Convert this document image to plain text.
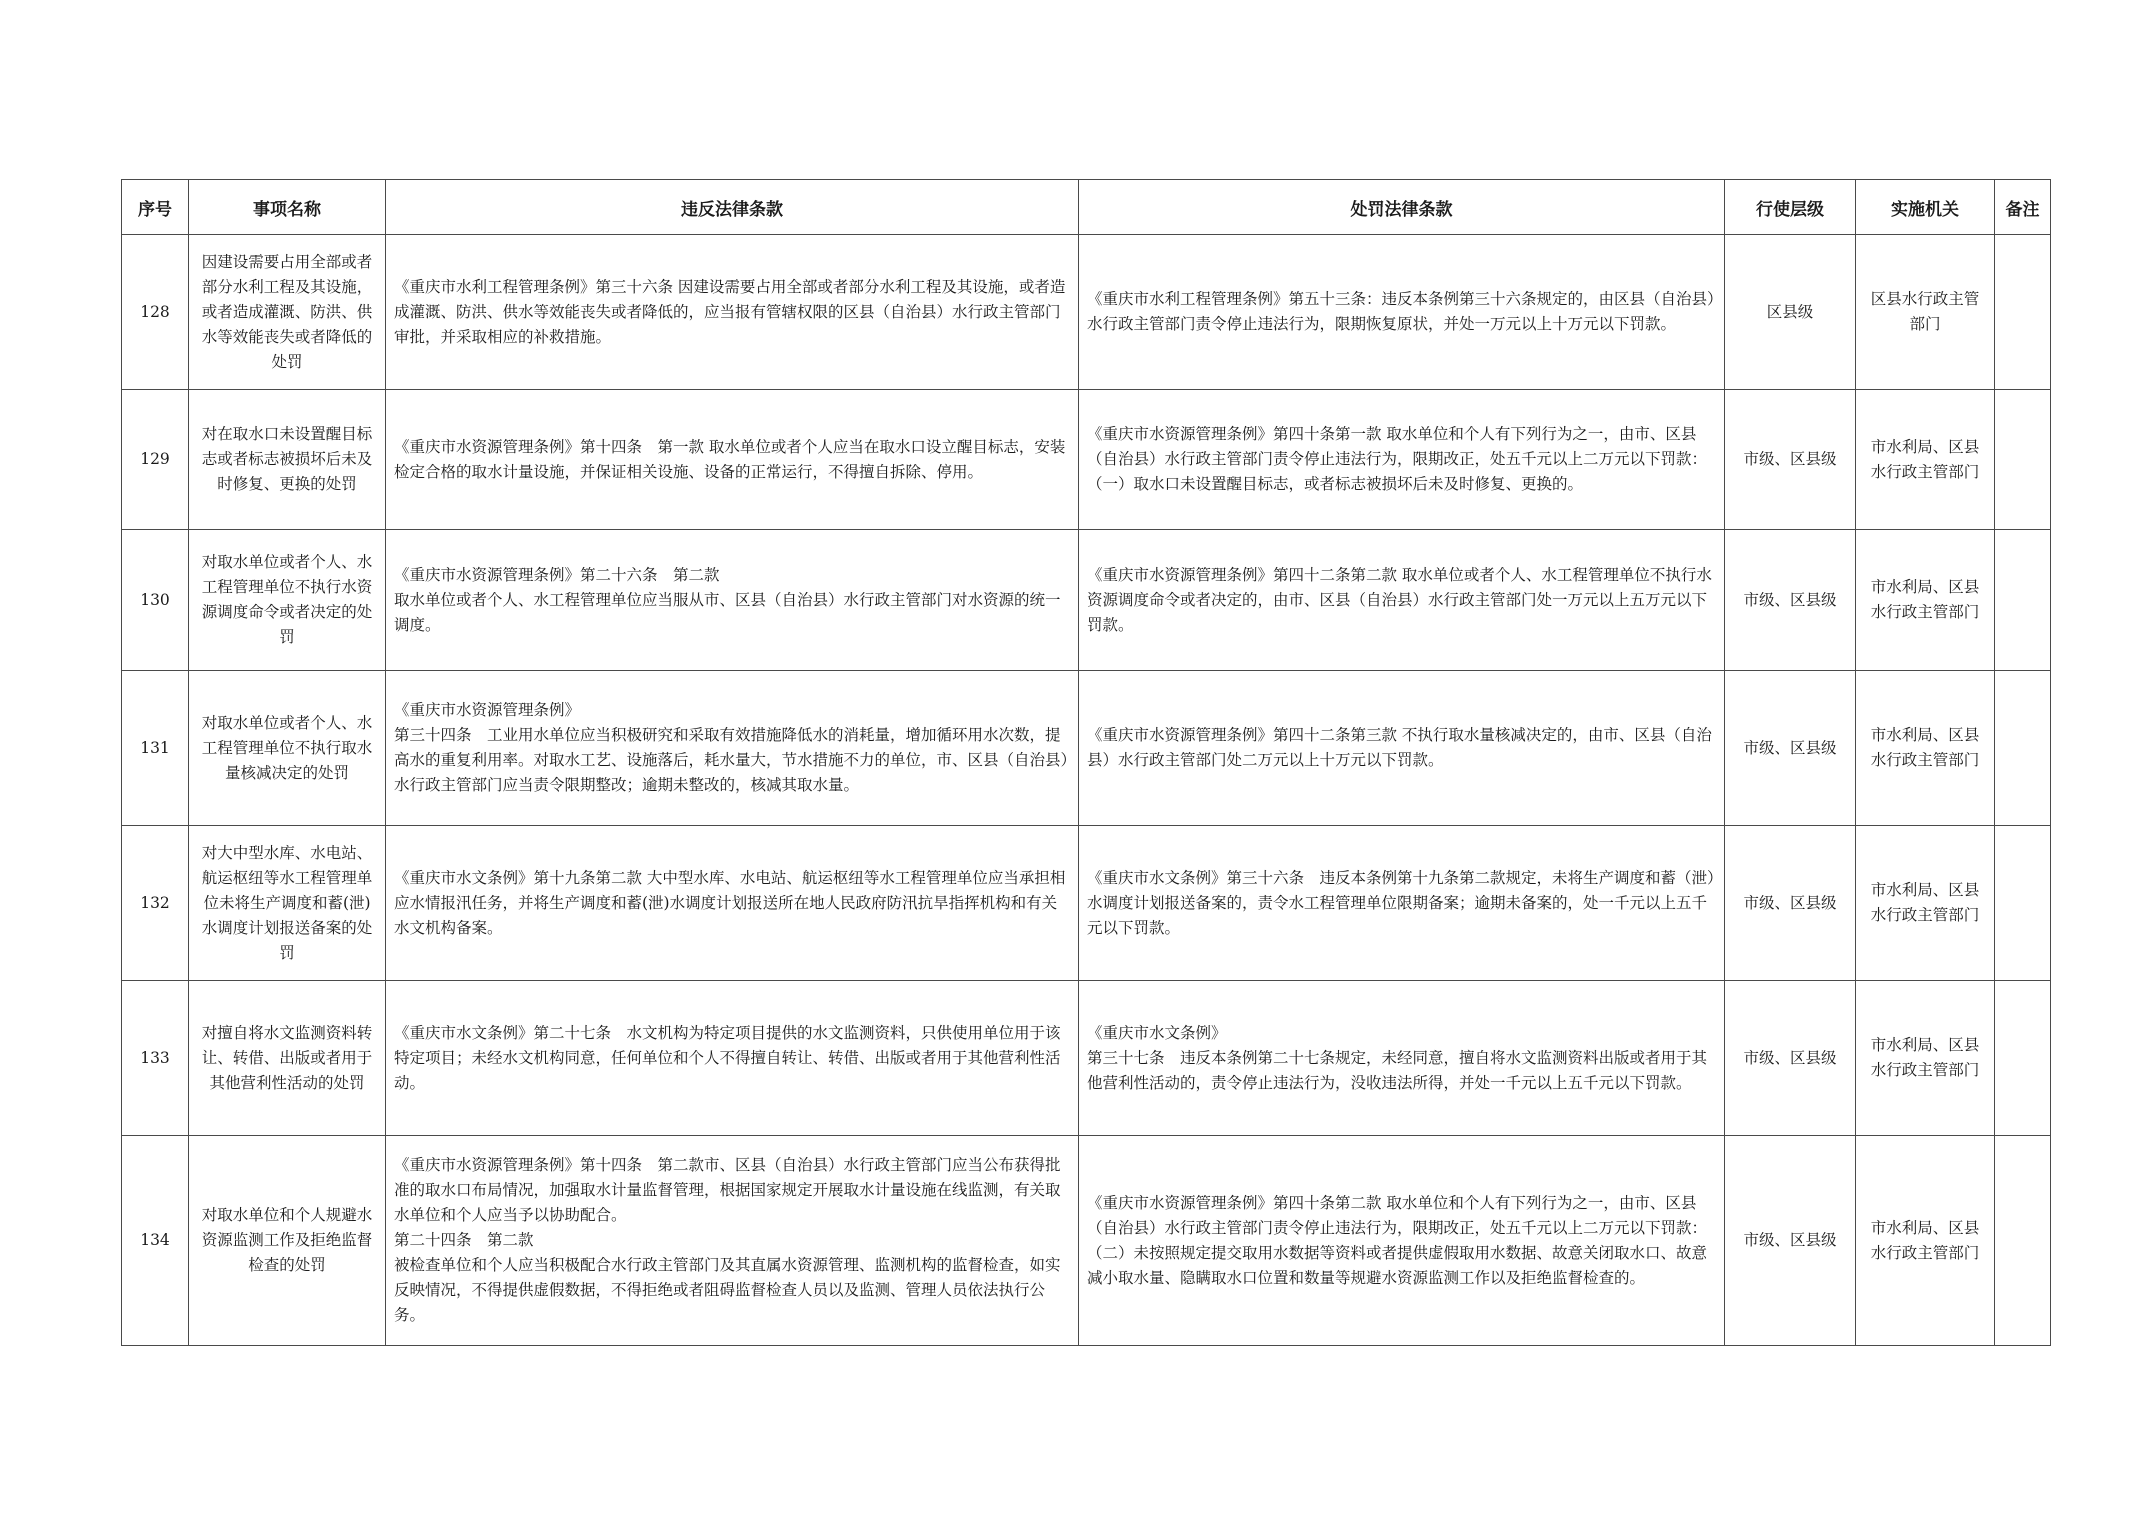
序号	事项名称	违反法律条款	处罚法律条款	行使层级	实施机关	备注
128	因建设需要占用全部或者部分水利工程及其设施，或者造成灌溉、防洪、供水等效能丧失或者降低的处罚	《重庆市水利工程管理条例》第三十六条 因建设需要占用全部或者部分水利工程及其设施，或者造成灌溉、防洪、供水等效能丧失或者降低的，应当报有管辖权限的区县（自治县）水行政主管部门审批，并采取相应的补救措施。	《重庆市水利工程管理条例》第五十三条：违反本条例第三十六条规定的，由区县（自治县）水行政主管部门责令停止违法行为，限期恢复原状，并处一万元以上十万元以下罚款。	区县级	区县水行政主管部门	
129	对在取水口未设置醒目标志或者标志被损坏后未及时修复、更换的处罚	《重庆市水资源管理条例》第十四条　第一款 取水单位或者个人应当在取水口设立醒目标志，安装检定合格的取水计量设施，并保证相关设施、设备的正常运行，不得擅自拆除、停用。	《重庆市水资源管理条例》第四十条第一款 取水单位和个人有下列行为之一，由市、区县（自治县）水行政主管部门责令停止违法行为，限期改正，处五千元以上二万元以下罚款：（一）取水口未设置醒目标志，或者标志被损坏后未及时修复、更换的。	市级、区县级	市水利局、区县水行政主管部门	
130	对取水单位或者个人、水工程管理单位不执行水资源调度命令或者决定的处罚	《重庆市水资源管理条例》第二十六条　第二款
取水单位或者个人、水工程管理单位应当服从市、区县（自治县）水行政主管部门对水资源的统一调度。	《重庆市水资源管理条例》第四十二条第二款 取水单位或者个人、水工程管理单位不执行水资源调度命令或者决定的，由市、区县（自治县）水行政主管部门处一万元以上五万元以下罚款。	市级、区县级	市水利局、区县水行政主管部门	
131	对取水单位或者个人、水工程管理单位不执行取水量核减决定的处罚	《重庆市水资源管理条例》
第三十四条　工业用水单位应当积极研究和采取有效措施降低水的消耗量，增加循环用水次数，提高水的重复利用率。对取水工艺、设施落后，耗水量大，节水措施不力的单位，市、区县（自治县）水行政主管部门应当责令限期整改；逾期未整改的，核减其取水量。	《重庆市水资源管理条例》第四十二条第三款 不执行取水量核减决定的，由市、区县（自治县）水行政主管部门处二万元以上十万元以下罚款。	市级、区县级	市水利局、区县水行政主管部门	
132	对大中型水库、水电站、航运枢纽等水工程管理单位未将生产调度和蓄(泄)水调度计划报送备案的处罚	《重庆市水文条例》第十九条第二款 大中型水库、水电站、航运枢纽等水工程管理单位应当承担相应水情报汛任务，并将生产调度和蓄(泄)水调度计划报送所在地人民政府防汛抗旱指挥机构和有关水文机构备案。	《重庆市水文条例》第三十六条　违反本条例第十九条第二款规定，未将生产调度和蓄（泄）水调度计划报送备案的，责令水工程管理单位限期备案；逾期未备案的，处一千元以上五千元以下罚款。	市级、区县级	市水利局、区县水行政主管部门	
133	对擅自将水文监测资料转让、转借、出版或者用于其他营利性活动的处罚	《重庆市水文条例》第二十七条　水文机构为特定项目提供的水文监测资料，只供使用单位用于该特定项目；未经水文机构同意，任何单位和个人不得擅自转让、转借、出版或者用于其他营利性活动。	《重庆市水文条例》
第三十七条　违反本条例第二十七条规定，未经同意，擅自将水文监测资料出版或者用于其他营利性活动的，责令停止违法行为，没收违法所得，并处一千元以上五千元以下罚款。	市级、区县级	市水利局、区县水行政主管部门	
134	对取水单位和个人规避水资源监测工作及拒绝监督检查的处罚	《重庆市水资源管理条例》第十四条　第二款市、区县（自治县）水行政主管部门应当公布获得批准的取水口布局情况，加强取水计量监督管理，根据国家规定开展取水计量设施在线监测，有关取水单位和个人应当予以协助配合。
第二十四条　第二款
被检查单位和个人应当积极配合水行政主管部门及其直属水资源管理、监测机构的监督检查，如实反映情况，不得提供虚假数据，不得拒绝或者阻碍监督检查人员以及监测、管理人员依法执行公务。	《重庆市水资源管理条例》第四十条第二款 取水单位和个人有下列行为之一，由市、区县（自治县）水行政主管部门责令停止违法行为，限期改正，处五千元以上二万元以下罚款：（二）未按照规定提交取用水数据等资料或者提供虚假取用水数据、故意关闭取水口、故意减小取水量、隐瞒取水口位置和数量等规避水资源监测工作以及拒绝监督检查的。	市级、区县级	市水利局、区县水行政主管部门	
